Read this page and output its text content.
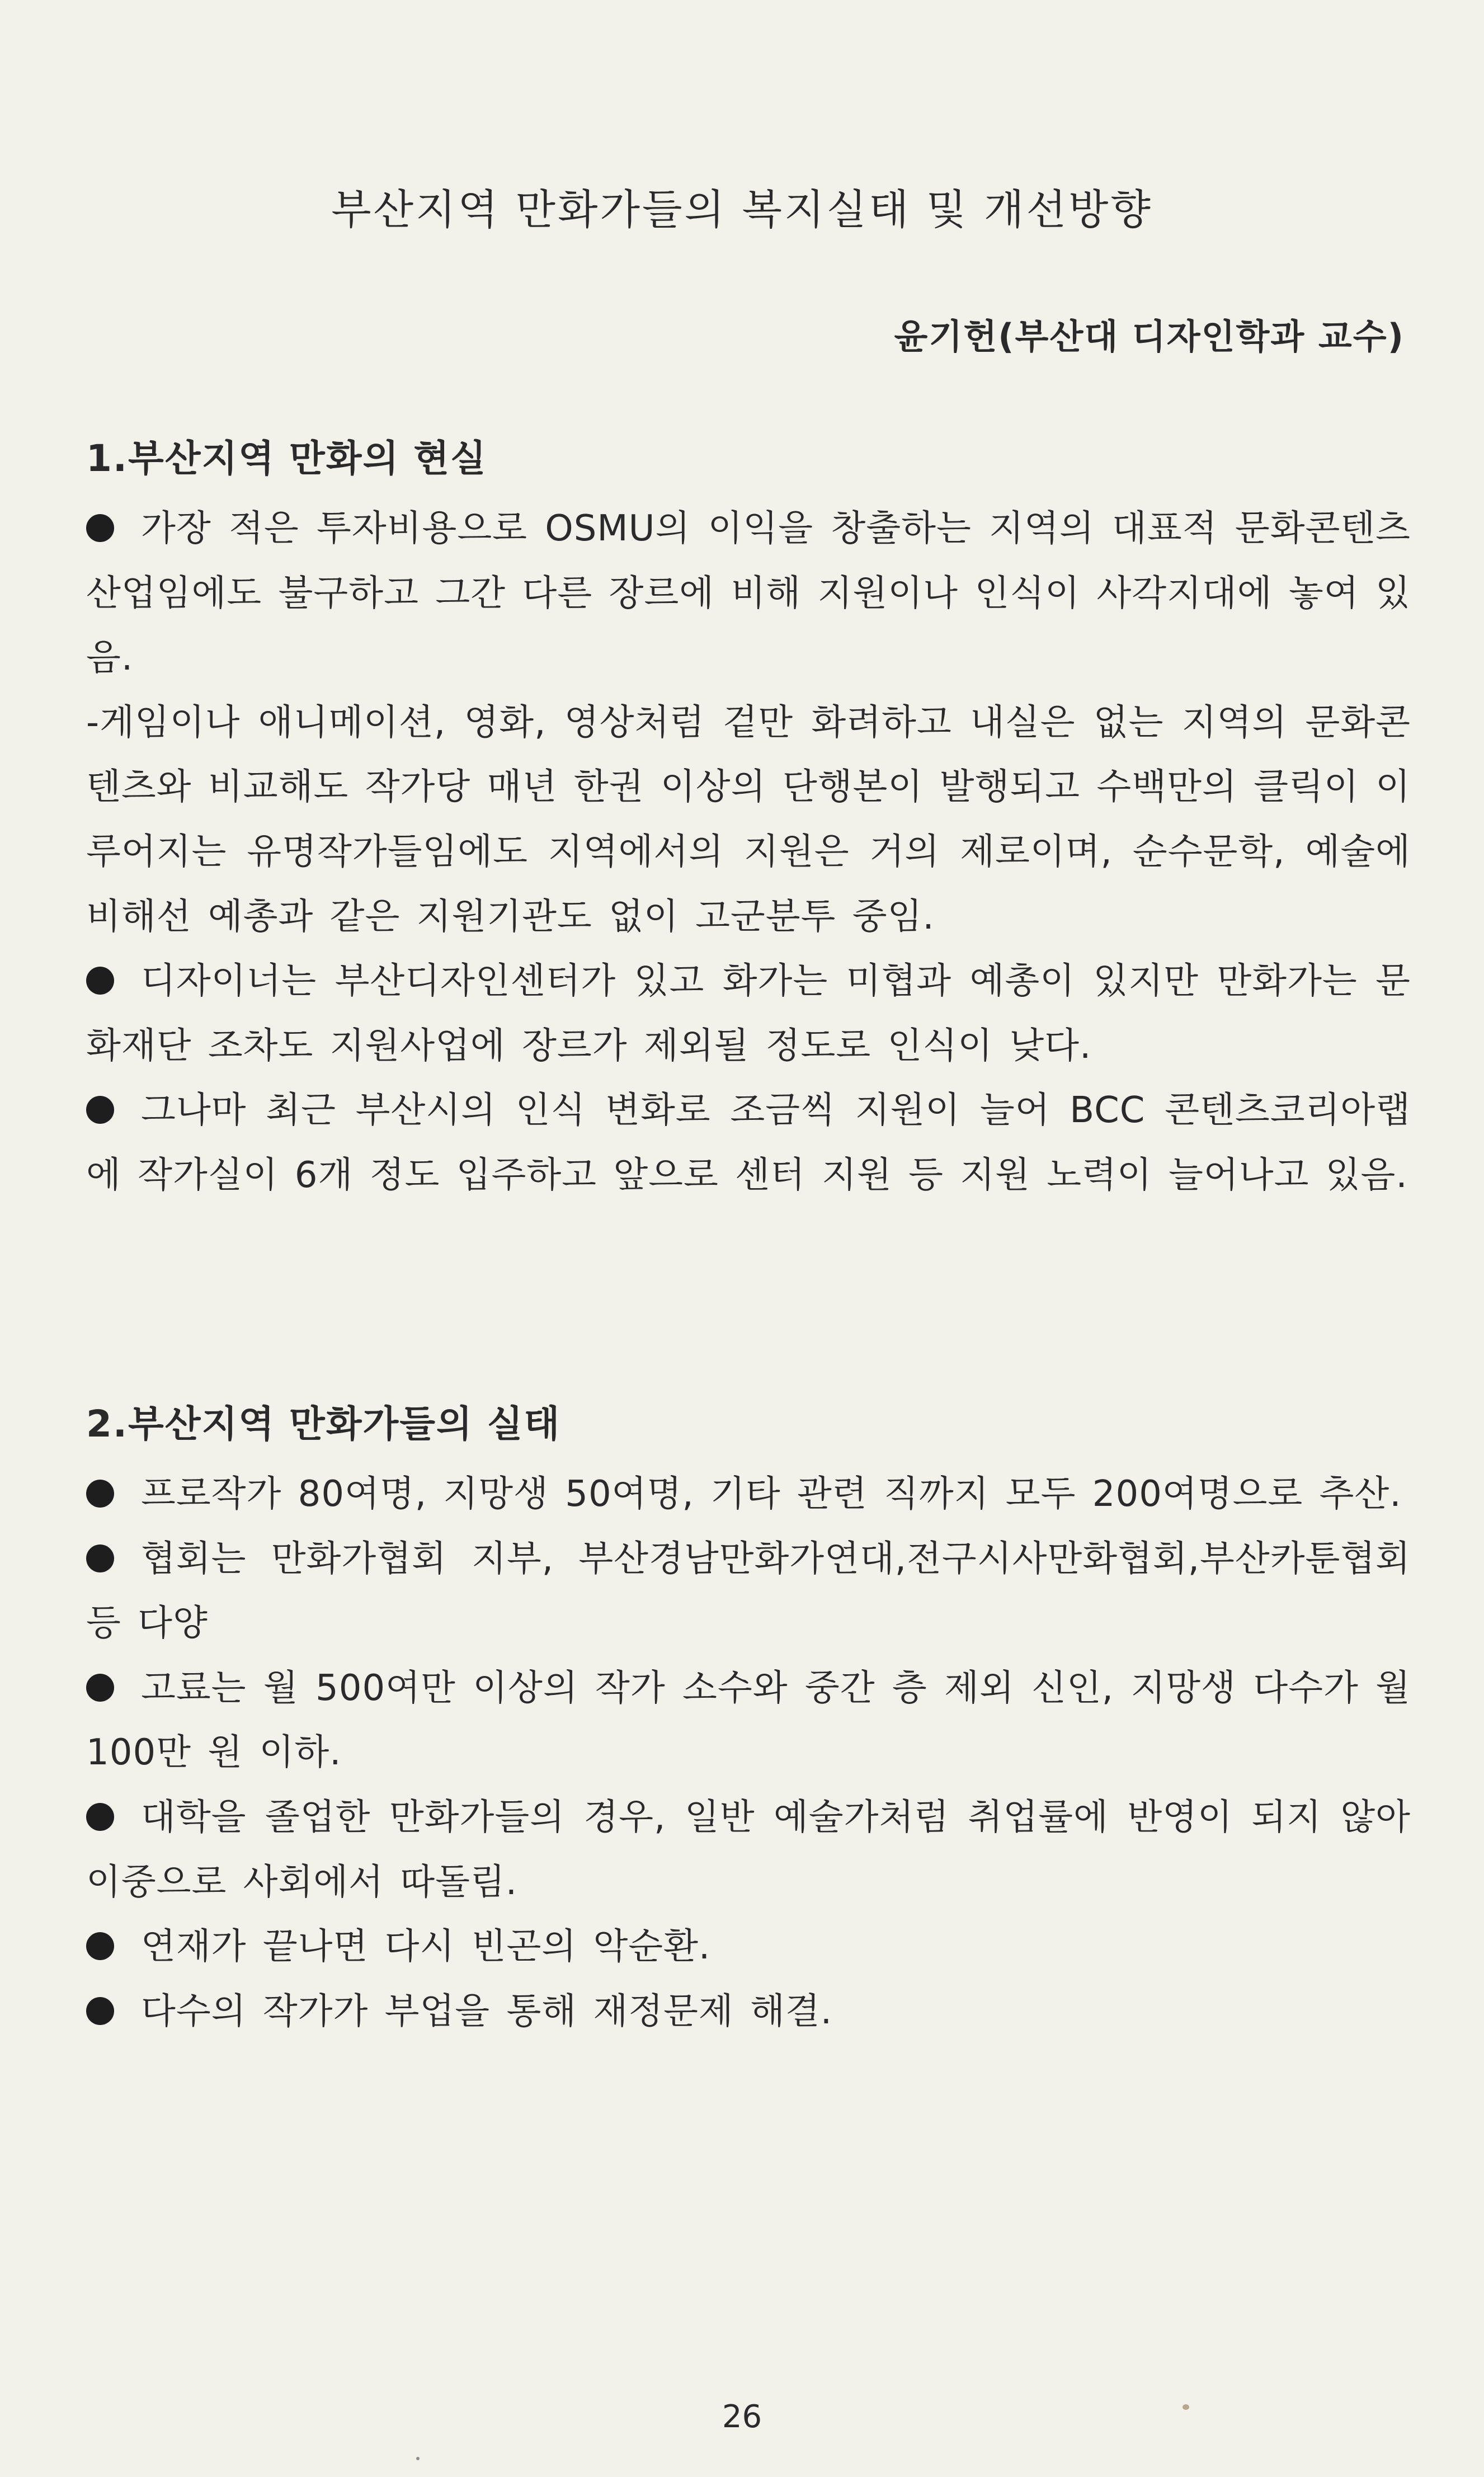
부산지역 만화가들의 복지실태 및 개선방향

윤기헌(부산대 디자인학과 교수)

1.부산지역 만화의 현실

가장 적은 투자비용으로 OSMU의 이익을 창출하는 지역의 대표적 문화콘텐츠 산업임에도 불구하고 그간 다른 장르에 비해 지원이나 인식이 사각지대에 놓여 있음.

-게임이나 애니메이션, 영화, 영상처럼 겉만 화려하고 내실은 없는 지역의 문화콘텐츠와 비교해도 작가당 매년 한권 이상의 단행본이 발행되고 수백만의 클릭이 이루어지는 유명작가들임에도 지역에서의 지원은 거의 제로이며, 순수문학, 예술에 비해선 예총과 같은 지원기관도 없이 고군분투 중임.

디자이너는 부산디자인센터가 있고 화가는 미협과 예총이 있지만 만화가는 문화재단 조차도 지원사업에 장르가 제외될 정도로 인식이 낮다.

그나마 최근 부산시의 인식 변화로 조금씩 지원이 늘어 BCC 콘텐츠코리아랩에 작가실이 6개 정도 입주하고 앞으로 센터 지원 등 지원 노력이 늘어나고 있음.

2.부산지역 만화가들의 실태

프로작가 80여명, 지망생 50여명, 기타 관련 직까지 모두 200여명으로 추산.

협회는 만화가협회 지부, 부산경남만화가연대,전구시사만화협회,부산카툰협회 등 다양

고료는 월 500여만 이상의 작가 소수와 중간 층 제외 신인, 지망생 다수가 월 100만 원 이하.

대학을 졸업한 만화가들의 경우, 일반 예술가처럼 취업률에 반영이 되지 않아 이중으로 사회에서 따돌림.

연재가 끝나면 다시 빈곤의 악순환.

다수의 작가가 부업을 통해 재정문제 해결.

26
